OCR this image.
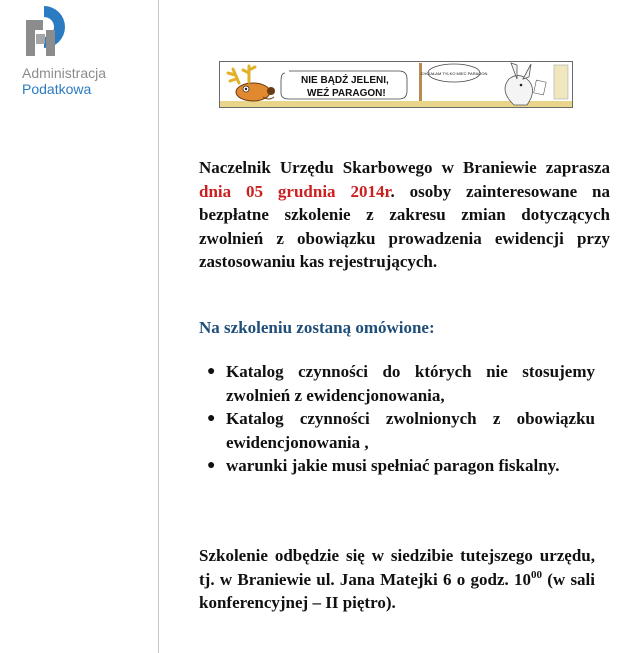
Administracja
Podatkowa
NIE BĄDŹ JELENI,
WEŹ PARAGON!
CHCIAŁAM TYLKO MIEĆ PARAGON
Naczelnik Urzędu Skarbowego w Braniewie zaprasza dnia 05 grudnia 2014r. osoby zainteresowane na bezpłatne szkolenie z zakresu zmian dotyczących zwolnień z obowiązku prowadzenia ewidencji przy zastosowaniu kas rejestrujących.
Na szkoleniu zostaną omówione:
● Katalog czynności do których nie stosujemy zwolnień z ewidencjonowania,
● Katalog czynności zwolnionych z obowiązku ewidencjonowania ,
● warunki jakie musi spełniać paragon fiskalny.
Szkolenie odbędzie się w siedzibie tutejszego urzędu, tj. w Braniewie ul. Jana Matejki 6 o godz. $10^{00}$ (w sali konferencyjnej – II piętro).
